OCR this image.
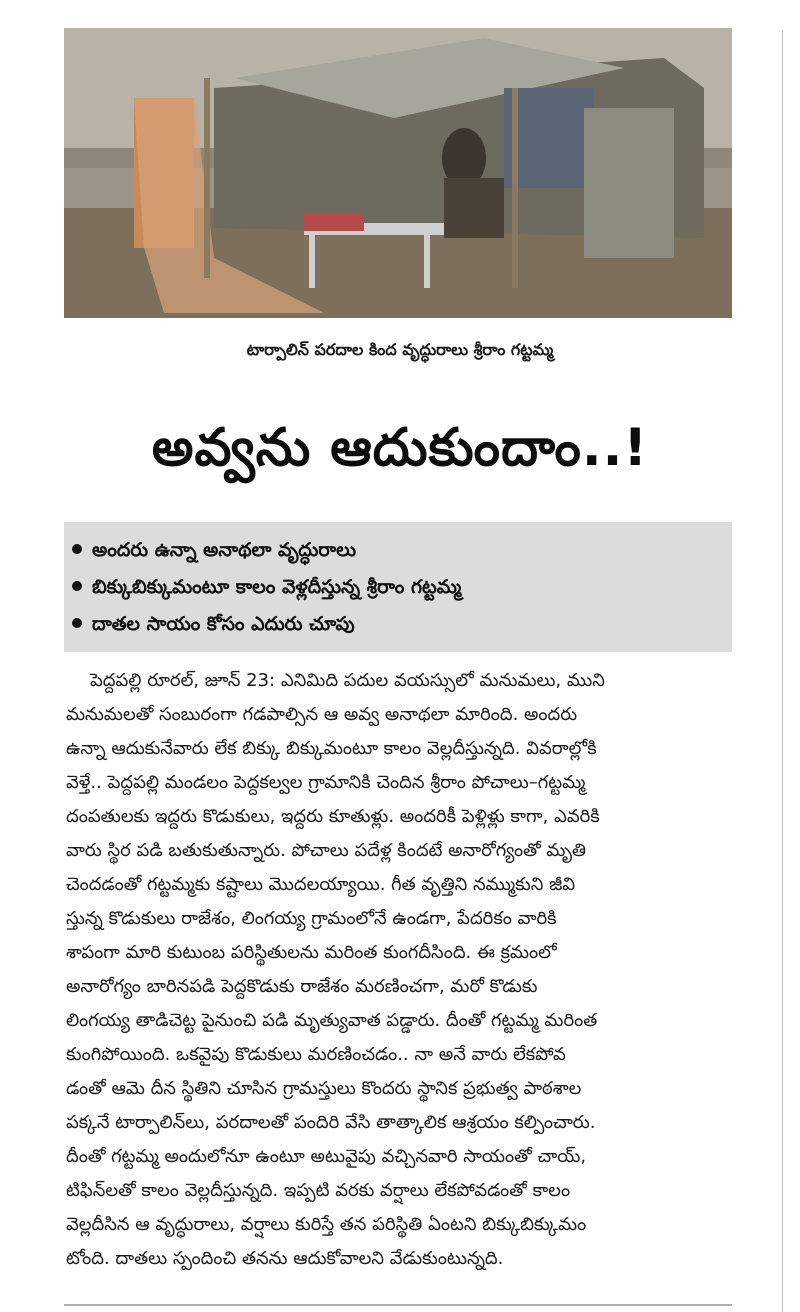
టార్పాలిన్ పరదాల కింద వృద్ధురాలు శ్రీరాం గట్టమ్మ
అవ్వను ఆదుకుందాం..!
అందరు ఉన్నా అనాథలా వృద్ధురాలు
బిక్కుబిక్కుమంటూ కాలం వెళ్లదీస్తున్న శ్రీరాం గట్టమ్మ
దాతల సాయం కోసం ఎదురు చూపు
పెద్దపల్లి రూరల్, జూన్ 23: ఎనిమిది పదుల వయస్సులో మనుమలు, ముని
మనుమలతో సంబురంగా గడపాల్సిన ఆ అవ్వ అనాథలా మారింది. అందరు
ఉన్నా ఆదుకునేవారు లేక బిక్కు బిక్కుమంటూ కాలం వెల్లదీస్తున్నది. వివరాల్లోకి
వెళ్తే.. పెద్దపల్లి మండలం పెద్దకల్వల గ్రామానికి చెందిన శ్రీరాం పోచాలు–గట్టమ్మ
దంపతులకు ఇద్దరు కొడుకులు, ఇద్దరు కూతుళ్లు. అందరికీ పెళ్లిళ్లు కాగా, ఎవరికి
వారు స్థిర పడి బతుకుతున్నారు. పోచాలు పదేళ్ల కిందటే అనారోగ్యంతో మృతి
చెందడంతో గట్టమ్మకు కష్టాలు మొదలయ్యాయి. గీత వృత్తిని నమ్ముకుని జీవి
స్తున్న కొడుకులు రాజేశం, లింగయ్య గ్రామంలోనే ఉండగా, పేదరికం వారికి
శాపంగా మారి కుటుంబ పరిస్థితులను మరింత కుంగదీసింది. ఈ క్రమంలో
అనారోగ్యం బారినపడి పెద్దకొడుకు రాజేశం మరణించగా, మరో కొడుకు
లింగయ్య తాడిచెట్ట పైనుంచి పడి మృత్యువాత పడ్డారు. దీంతో గట్టమ్మ మరింత
కుంగిపోయింది. ఒకవైపు కొడుకులు మరణించడం.. నా అనే వారు లేకపోవ
డంతో ఆమె దీన స్థితిని చూసిన గ్రామస్తులు కొందరు స్థానిక ప్రభుత్వ పాఠశాల
పక్కనే టార్పాలిన్‌లు, పరదాలతో పందిరి వేసి తాత్కాలిక ఆశ్రయం కల్పించారు.
దీంతో గట్టమ్మ అందులోనూ ఉంటూ అటువైపు వచ్చినవారి సాయంతో చాయ్,
టిఫిన్‌లతో కాలం వెల్లదీస్తున్నది. ఇప్పటి వరకు వర్షాలు లేకపోవడంతో కాలం
వెల్లదీసిన ఆ వృద్ధురాలు, వర్షాలు కురిస్తే తన పరిస్థితి ఏంటని బిక్కుబిక్కుమం
టోంది. దాతలు స్పందించి తనను ఆదుకోవాలని వేడుకుంటున్నది.
